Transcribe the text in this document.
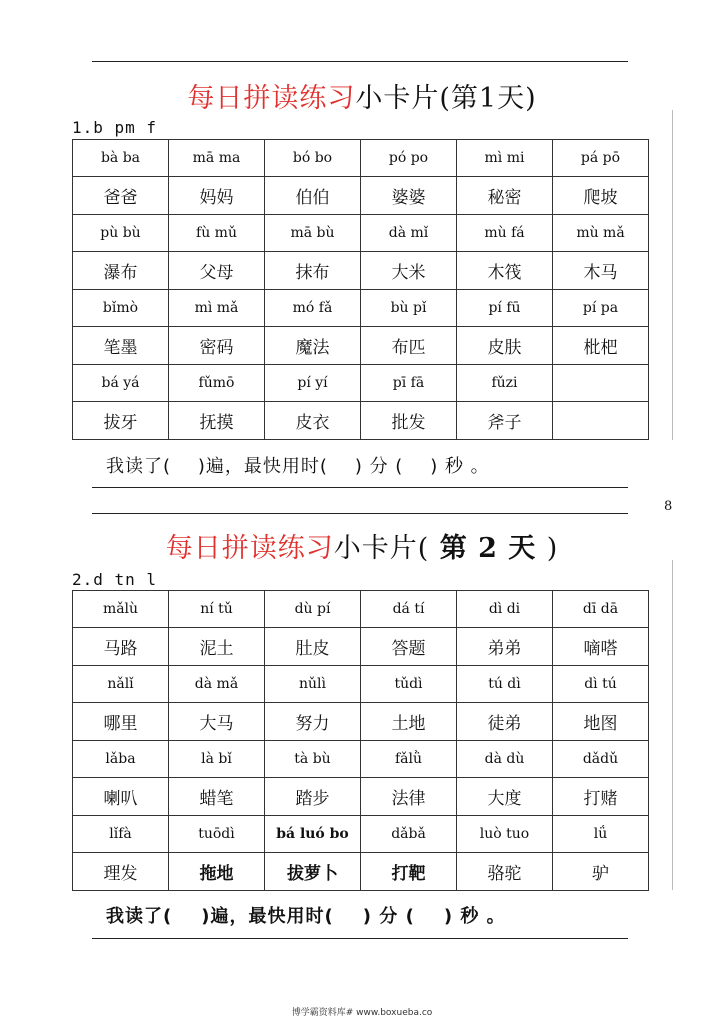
每日拼读练习小卡片(第1天)
1.b pm f
bà ba	mā ma	bó bo	pó po	mì mi	pá pō
爸爸	妈妈	伯伯	婆婆	秘密	爬坡
pù bù	fù mǔ	mā bù	dà mǐ	mù fá	mù mǎ
瀑布	父母	抹布	大米	木筏	木马
bǐmò	mì mǎ	mó fǎ	bù pǐ	pí fū	pí pa
笔墨	密码	魔法	布匹	皮肤	枇杷
bá yá	fǔmō	pí yí	pī fā	fǔzi	
拔牙	抚摸	皮衣	批发	斧子	
我读了(    )遍，最快用时(    ) 分 (    ) 秒 。
8
每日拼读练习小卡片( 第 2 天 )
2.d tn l
mǎlù	ní tǔ	dù pí	dá tí	dì di	dī dā
马路	泥土	肚皮	答题	弟弟	嘀嗒
nǎlǐ	dà mǎ	nǔlì	tǔdì	tú dì	dì tú
哪里	大马	努力	土地	徒弟	地图
lǎba	là bǐ	tà bù	fǎlǜ	dà dù	dǎdǔ
喇叭	蜡笔	踏步	法律	大度	打赌
lǐfà	tuōdì	bá luó bo	dǎbǎ	luò tuo	lǘ
理发	拖地	拔萝卜	打靶	骆驼	驴
我读了(    )遍，最快用时(    ) 分 (    ) 秒 。
博学霸资料库# www.boxueba.co
